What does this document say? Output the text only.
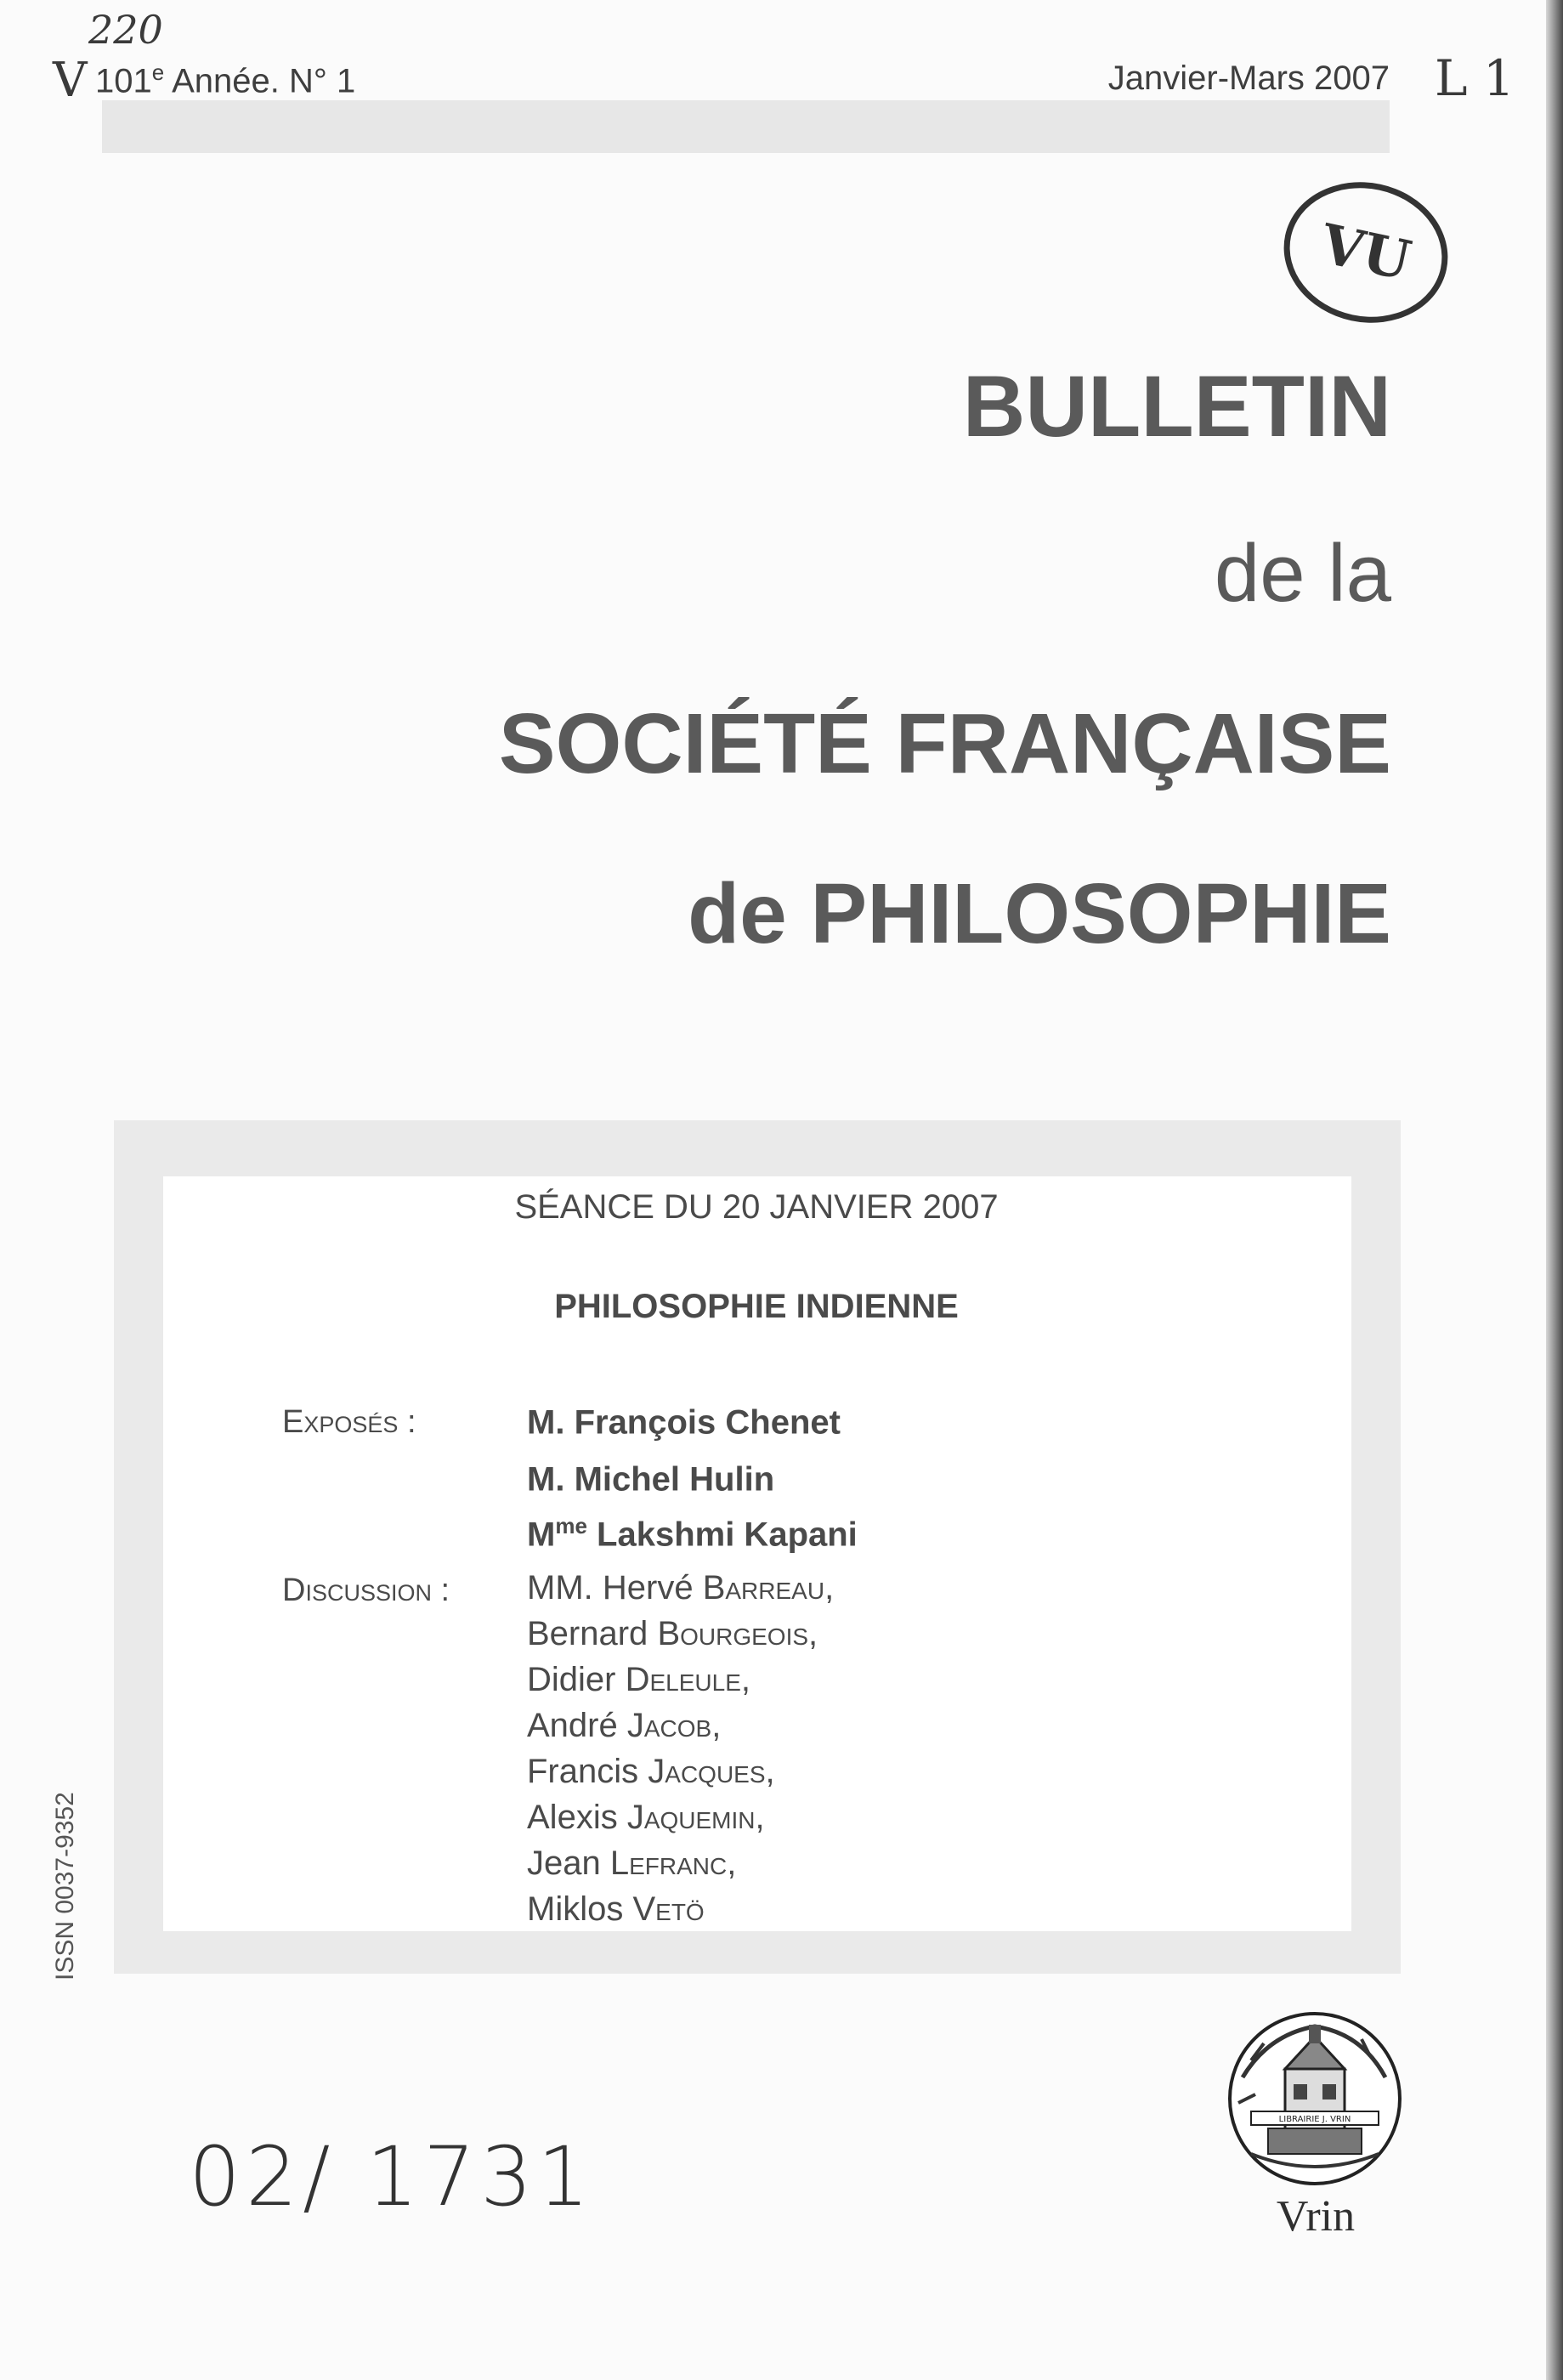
220
V	L 1
101e Année. N° 1	Janvier-Mars 2007
VU
BULLETIN
de la
SOCIÉTÉ FRANÇAISE
de PHILOSOPHIE
SÉANCE DU 20 JANVIER 2007
PHILOSOPHIE INDIENNE
Exposés :	M. François Chenet
M. Michel Hulin
$M^{me}$ Lakshmi Kapani
Discussion : MM. Hervé Barreau,
Bernard Bourgeois,
Didier Deleule,
André Jacob,
Francis Jacques,
Alexis Jaquemin,
Jean Lefranc,
Miklos Vetö
ISSN 0037-9352
02/ 1731
LIBRAIRIE J. VRIN
Vrin
